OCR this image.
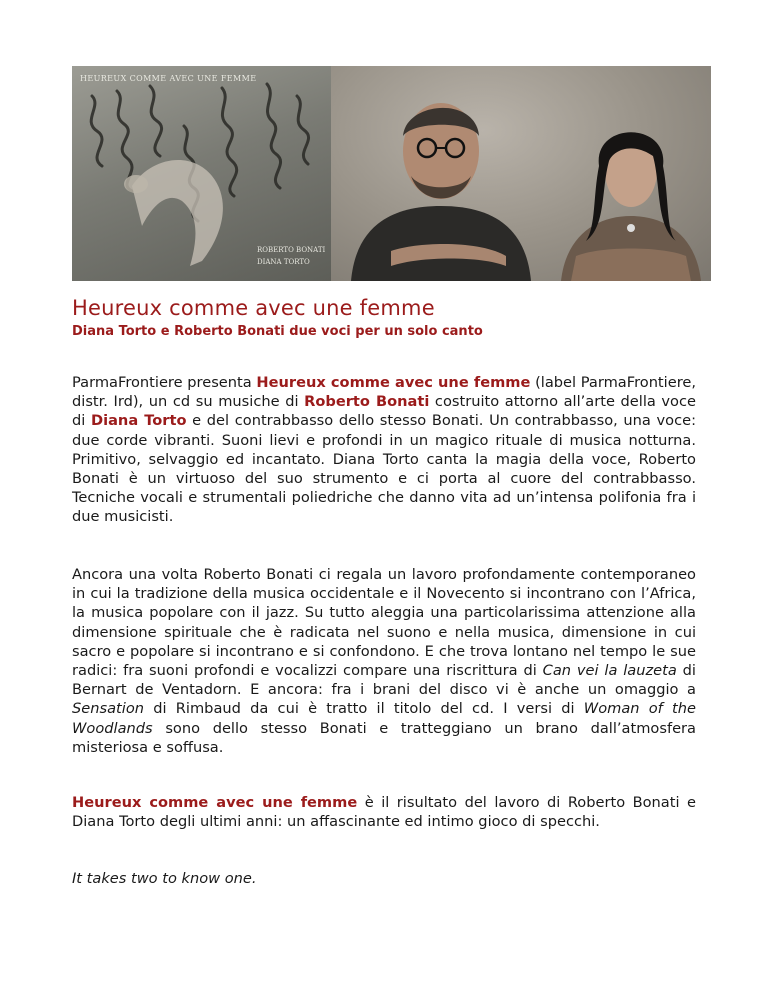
HEUREUX COMME AVEC UNE FEMME
ROBERTO BONATI
DIANA TORTO
Heureux comme avec une femme
Diana Torto e Roberto Bonati due voci per un solo canto

ParmaFrontiere presenta Heureux comme avec une femme (label ParmaFrontiere, distr. Ird), un cd su musiche di Roberto Bonati costruito attorno all’arte della voce di Diana Torto e del contrabbasso dello stesso Bonati. Un contrabbasso, una voce: due corde vibranti. Suoni lievi e profondi in un magico rituale di musica notturna. Primitivo, selvaggio ed incantato. Diana Torto canta la magia della voce, Roberto Bonati è un virtuoso del suo strumento e ci porta al cuore del contrabbasso. Tecniche vocali e strumentali poliedriche che danno vita ad un’intensa polifonia fra i due musicisti.

Ancora una volta Roberto Bonati ci regala un lavoro profondamente contemporaneo in cui la tradizione della musica occidentale e il Novecento si incontrano con l’Africa, la musica popolare con il jazz. Su tutto aleggia una particolarissima attenzione alla dimensione spirituale che è radicata nel suono e nella musica, dimensione in cui sacro e popolare si incontrano e si confondono. E che trova lontano nel tempo le sue radici: fra suoni profondi e vocalizzi compare una riscrittura di Can vei la lauzeta di Bernart de Ventadorn. E ancora: fra i brani del disco vi è anche un omaggio a Sensation di Rimbaud da cui è tratto il titolo del cd. I versi di Woman of the Woodlands sono dello stesso Bonati e tratteggiano un brano dall’atmosfera misteriosa e soffusa.

Heureux comme avec une femme è il risultato del lavoro di Roberto Bonati e Diana Torto degli ultimi anni: un affascinante ed intimo gioco di specchi.

It takes two to know one.
